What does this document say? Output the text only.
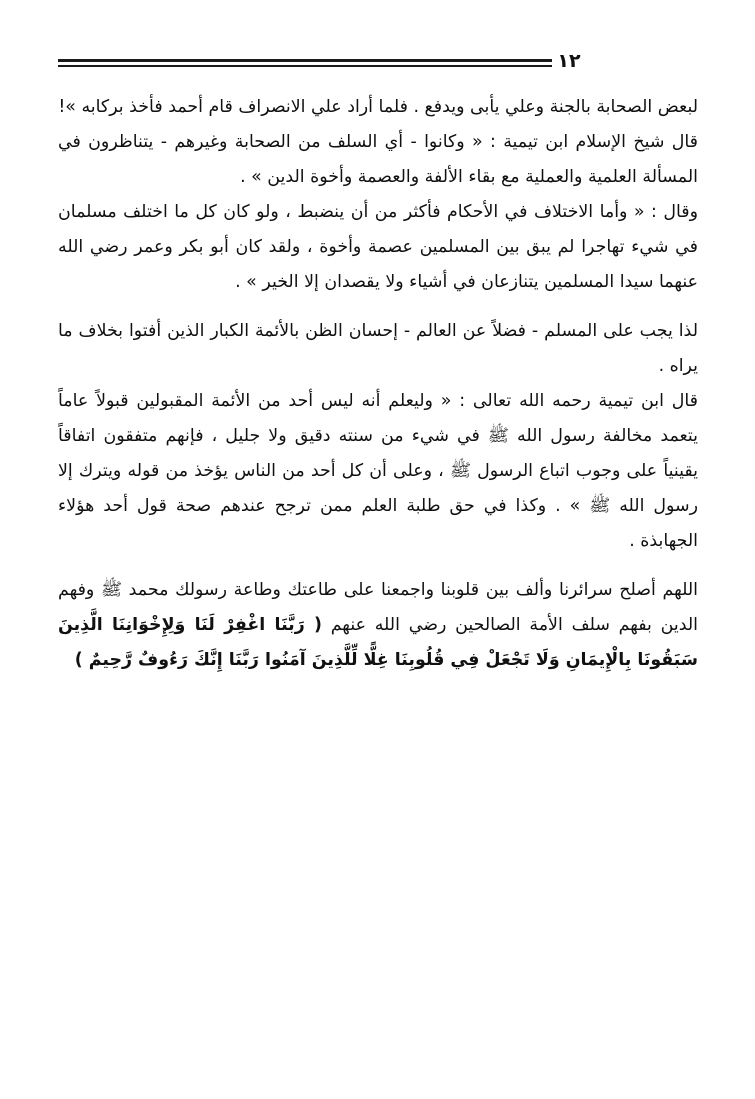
١٢

لبعض الصحابة بالجنة وعلي يأبى ويدفع . فلما أراد علي الانصراف قام أحمد فأخذ بركابه »!

قال شيخ الإسلام ابن تيمية : « وكانوا - أي السلف من الصحابة وغيرهم - يتناظرون في المسألة العلمية والعملية مع بقاء الألفة والعصمة وأخوة الدين » .

وقال : « وأما الاختلاف في الأحكام فأكثر من أن ينضبط ، ولو كان كل ما اختلف مسلمان في شيء تهاجرا لم يبق بين المسلمين عصمة وأخوة ، ولقد كان أبو بكر وعمر رضي الله عنهما سيدا المسلمين يتنازعان في أشياء ولا يقصدان إلا الخير » .

لذا يجب على المسلم - فضلاً عن العالم - إحسان الظن بالأئمة الكبار الذين أفتوا بخلاف ما يراه .

قال ابن تيمية رحمه الله تعالى : « وليعلم أنه ليس أحد من الأئمة المقبولين قبولاً عاماً يتعمد مخالفة رسول الله ﷺ في شيء من سنته دقيق ولا جليل ، فإنهم متفقون اتفاقاً يقينياً على وجوب اتباع الرسول ﷺ ، وعلى أن كل أحد من الناس يؤخذ من قوله ويترك إلا رسول الله ﷺ » . وكذا في حق طلبة العلم ممن ترجح عندهم صحة قول أحد هؤلاء الجهابذة .

اللهم أصلح سرائرنا وألف بين قلوبنا واجمعنا على طاعتك وطاعة رسولك محمد ﷺ وفهم الدين بفهم سلف الأمة الصالحين رضي الله عنهم ( رَبَّنَا اغْفِرْ لَنَا وَلِإِخْوَانِنَا الَّذِينَ سَبَقُونَا بِالْإِيمَانِ وَلَا تَجْعَلْ فِي قُلُوبِنَا غِلًّا لِّلَّذِينَ آمَنُوا رَبَّنَا إِنَّكَ رَءُوفٌ رَّحِيمٌ )
